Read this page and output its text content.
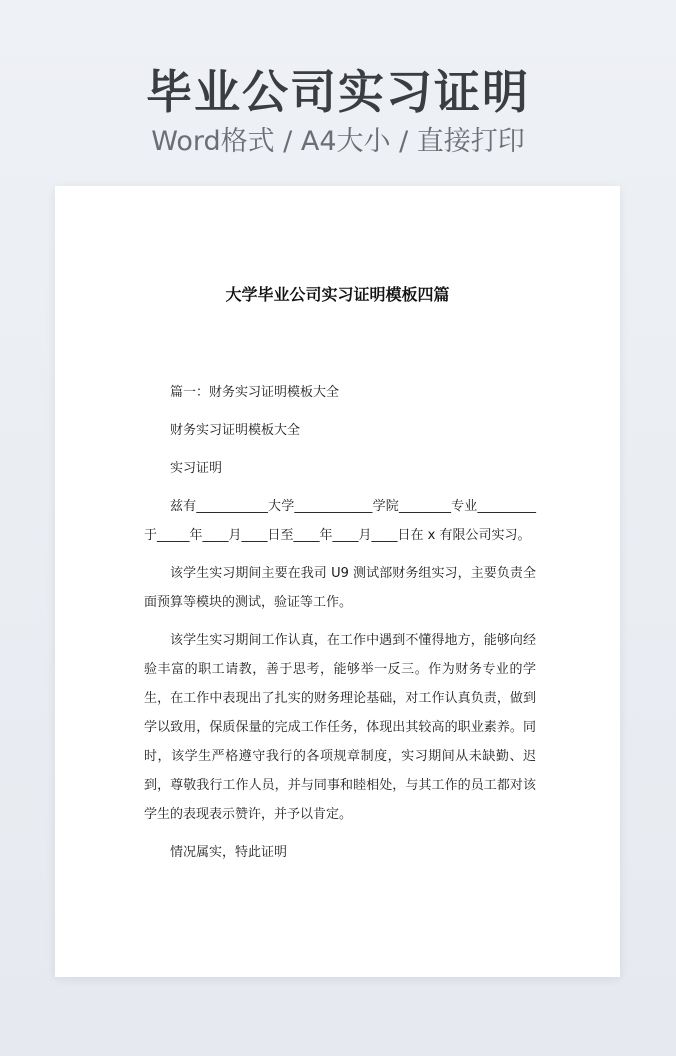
毕业公司实习证明
Word格式 / A4大小 / 直接打印
大学毕业公司实习证明模板四篇

篇一：财务实习证明模板大全

财务实习证明模板大全

实习证明

兹有___________大学____________学院________专业_________于_____年____月____日至____年____月____日在 x 有限公司实习。

该学生实习期间主要在我司 U9 测试部财务组实习，主要负责全面预算等模块的测试，验证等工作。

该学生实习期间工作认真，在工作中遇到不懂得地方，能够向经验丰富的职工请教，善于思考，能够举一反三。作为财务专业的学生，在工作中表现出了扎实的财务理论基础，对工作认真负责，做到学以致用，保质保量的完成工作任务，体现出其较高的职业素养。同时，该学生严格遵守我行的各项规章制度，实习期间从未缺勤、迟到，尊敬我行工作人员，并与同事和睦相处，与其工作的员工都对该学生的表现表示赞许，并予以肯定。

情况属实，特此证明
